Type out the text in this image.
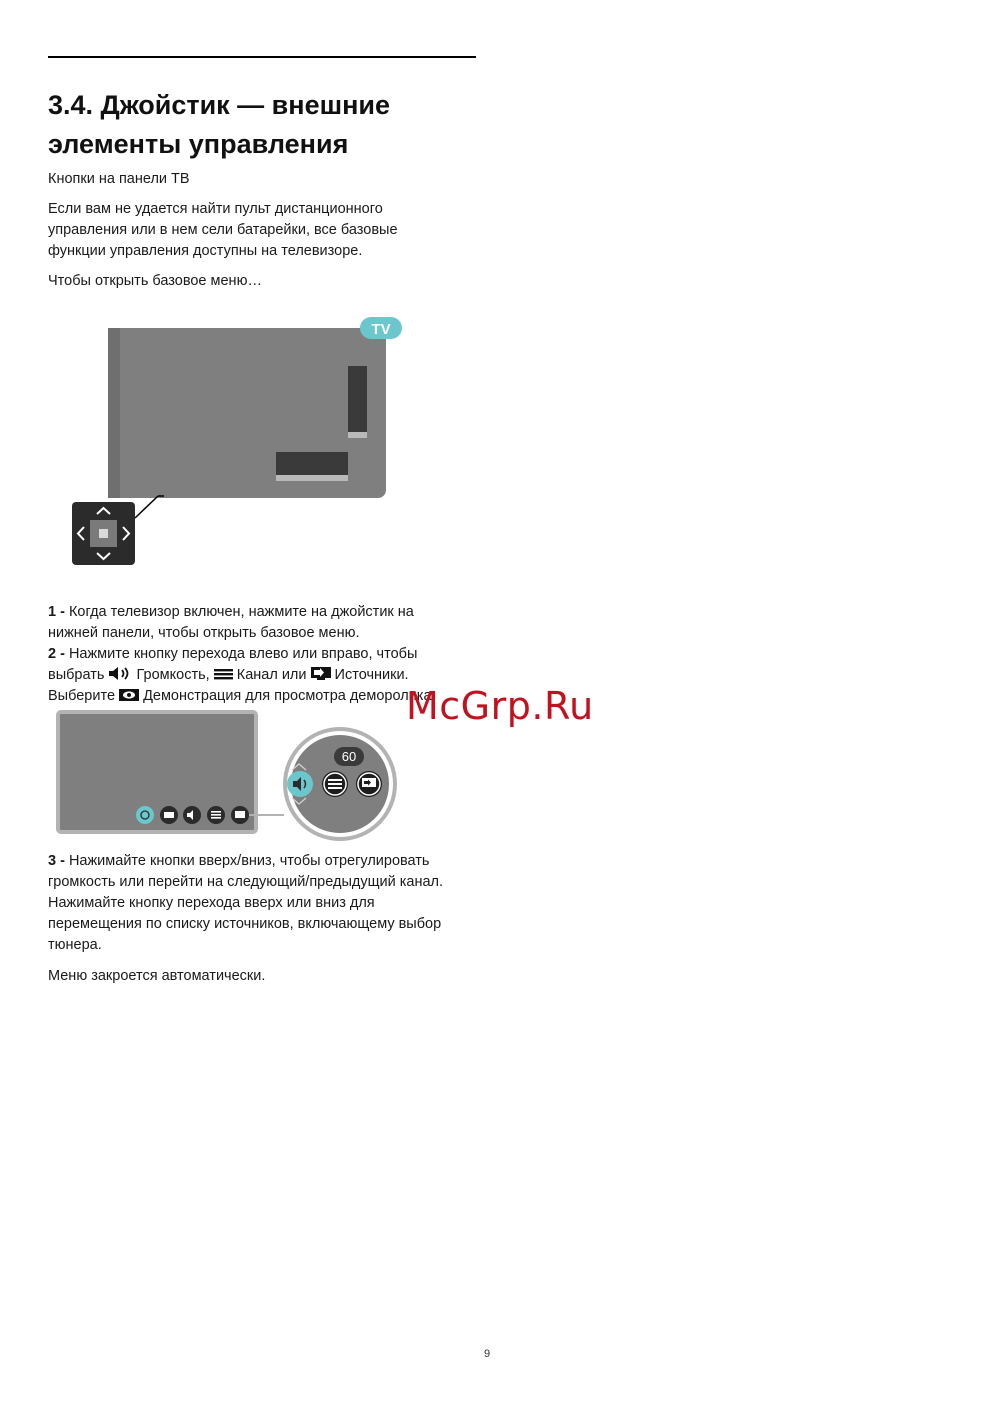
3.4. Джойстик — внешние
элементы управления

Кнопки на панели ТВ

Если вам не удается найти пульт дистанционного
управления или в нем сели батарейки, все базовые
функции управления доступны на телевизоре.

Чтобы открыть базовое меню…

TV

1 - Когда телевизор включен, нажмите на джойстик на
нижней панели, чтобы открыть базовое меню.

2 - Нажмите кнопку перехода влево или вправо, чтобы
выбрать  Громкость,  Канал или  Источники.
Выберите  Демонстрация для просмотра деморолика.

60

3 - Нажимайте кнопки вверх/вниз, чтобы отрегулировать
громкость или перейти на следующий/предыдущий канал.
Нажимайте кнопку перехода вверх или вниз для
перемещения по списку источников, включающему выбор
тюнера.

Меню закроется автоматически.

McGrp.Ru
9
